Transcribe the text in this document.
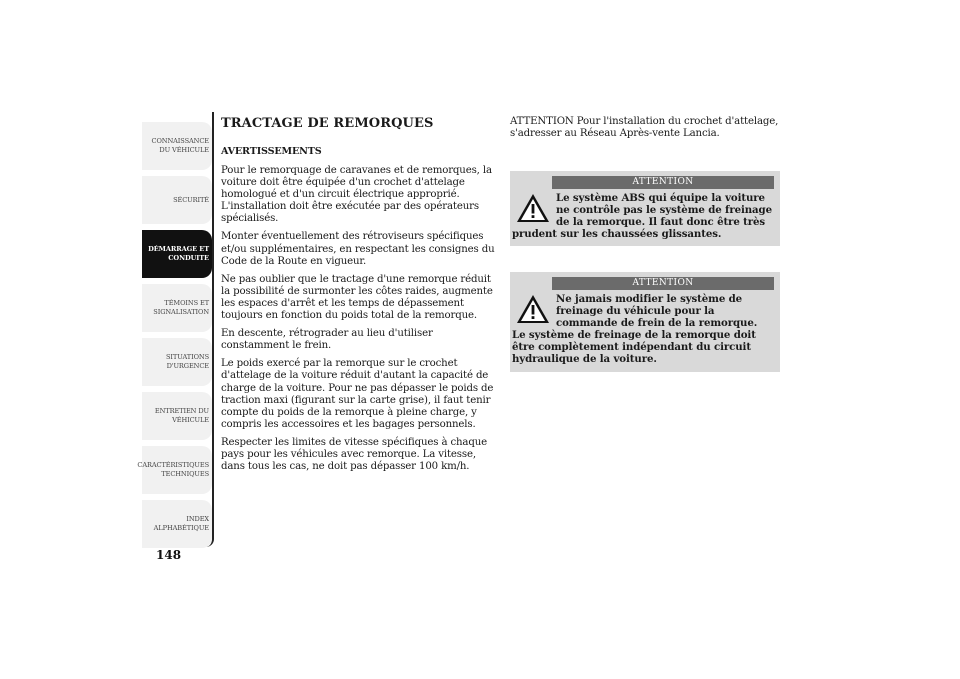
CONNAISSANCE DU VÉHICULE
SÉCURITÉ
DÉMARRAGE ET CONDUITE
TÉMOINS ET SIGNALISATION
SITUATIONS D'URGENCE
ENTRETIEN DU VÉHICULE
CARACTÉRISTIQUES TECHNIQUES
INDEX ALPHABÉTIQUE
148
TRACTAGE DE REMORQUES
AVERTISSEMENTS

Pour le remorquage de caravanes et de remorques, la voiture doit être équipée d'un crochet d'attelage homologué et d'un circuit électrique approprié. L'installation doit être exécutée par des opérateurs spécialisés.

Monter éventuellement des rétroviseurs spécifiques et/ou supplémentaires, en respectant les consignes du Code de la Route en vigueur.

Ne pas oublier que le tractage d'une remorque réduit la possibilité de surmonter les côtes raides, augmente les espaces d'arrêt et les temps de dépassement toujours en fonction du poids total de la remorque.

En descente, rétrograder au lieu d'utiliser constamment le frein.

Le poids exercé par la remorque sur le crochet d'attelage de la voiture réduit d'autant la capacité de charge de la voiture. Pour ne pas dépasser le poids de traction maxi (figurant sur la carte grise), il faut tenir compte du poids de la remorque à pleine charge, y compris les accessoires et les bagages personnels.

Respecter les limites de vitesse spécifiques à chaque pays pour les véhicules avec remorque. La vitesse, dans tous les cas, ne doit pas dépasser 100 km/h.

ATTENTION Pour l'installation du crochet d'attelage, s'adresser au Réseau Après-vente Lancia.

ATTENTION
Le système ABS qui équipe la voiture ne contrôle pas le système de freinage de la remorque. Il faut donc être très prudent sur les chaussées glissantes.
ATTENTION
Ne jamais modifier le système de freinage du véhicule pour la commande de frein de la remorque. Le système de freinage de la remorque doit être complètement indépendant du circuit hydraulique de la voiture.
